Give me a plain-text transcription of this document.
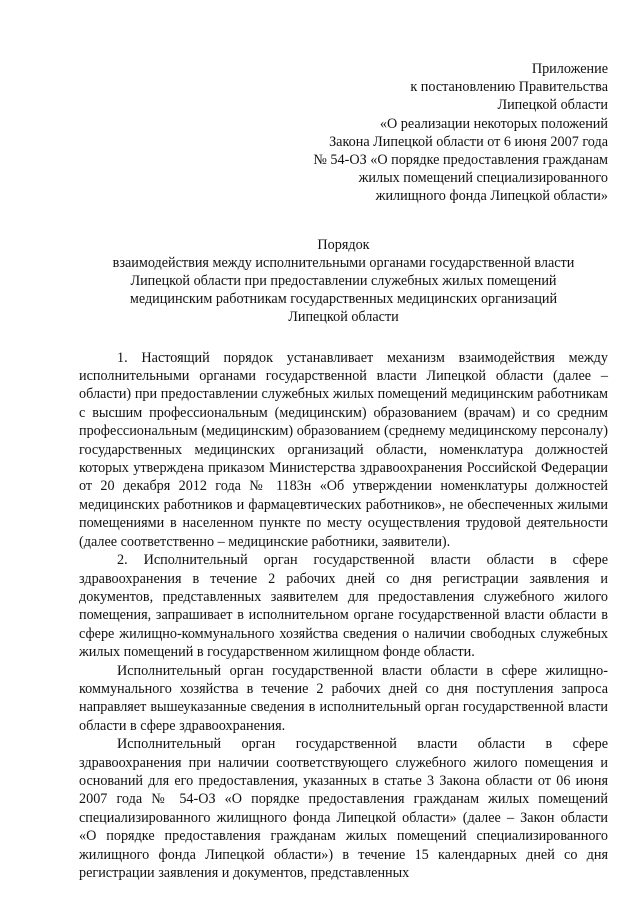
Приложение
к постановлению Правительства
Липецкой области
«О реализации некоторых положений
Закона Липецкой области от 6 июня 2007 года
№ 54-ОЗ «О порядке предоставления гражданам
жилых помещений специализированного
жилищного фонда Липецкой области»
Порядок
взаимодействия между исполнительными органами государственной власти
Липецкой области при предоставлении служебных жилых помещений
медицинским работникам государственных медицинских организаций
Липецкой области

1. Настоящий порядок устанавливает механизм взаимодействия между исполнительными органами государственной власти Липецкой области (далее – области) при предоставлении служебных жилых помещений медицинским работникам с высшим профессиональным (медицинским) образованием (врачам) и со средним профессиональным (медицинским) образованием (среднему медицинскому персоналу) государственных медицинских организаций области, номенклатура должностей которых утверждена приказом Министерства здравоохранения Российской Федерации от 20 декабря 2012 года № 1183н «Об утверждении номенклатуры должностей медицинских работников и фармацевтических работников», не обеспеченных жилыми помещениями в населенном пункте по месту осуществления трудовой деятельности (далее соответственно – медицинские работники, заявители).

2. Исполнительный орган государственной власти области в сфере здравоохранения в течение 2 рабочих дней со дня регистрации заявления и документов, представленных заявителем для предоставления служебного жилого помещения, запрашивает в исполнительном органе государственной власти области в сфере жилищно-коммунального хозяйства сведения о наличии свободных служебных жилых помещений в государственном жилищном фонде области.

Исполнительный орган государственной власти области в сфере жилищно-коммунального хозяйства в течение 2 рабочих дней со дня поступления запроса направляет вышеуказанные сведения в исполнительный орган государственной власти области в сфере здравоохранения.

Исполнительный орган государственной власти области в сфере здравоохранения при наличии соответствующего служебного жилого помещения и оснований для его предоставления, указанных в статье 3 Закона области от 06 июня 2007 года № 54-ОЗ «О порядке предоставления гражданам жилых помещений специализированного жилищного фонда Липецкой области» (далее – Закон области «О порядке предоставления гражданам жилых помещений специализированного жилищного фонда Липецкой области») в течение 15 календарных дней со дня регистрации заявления и документов, представленных
